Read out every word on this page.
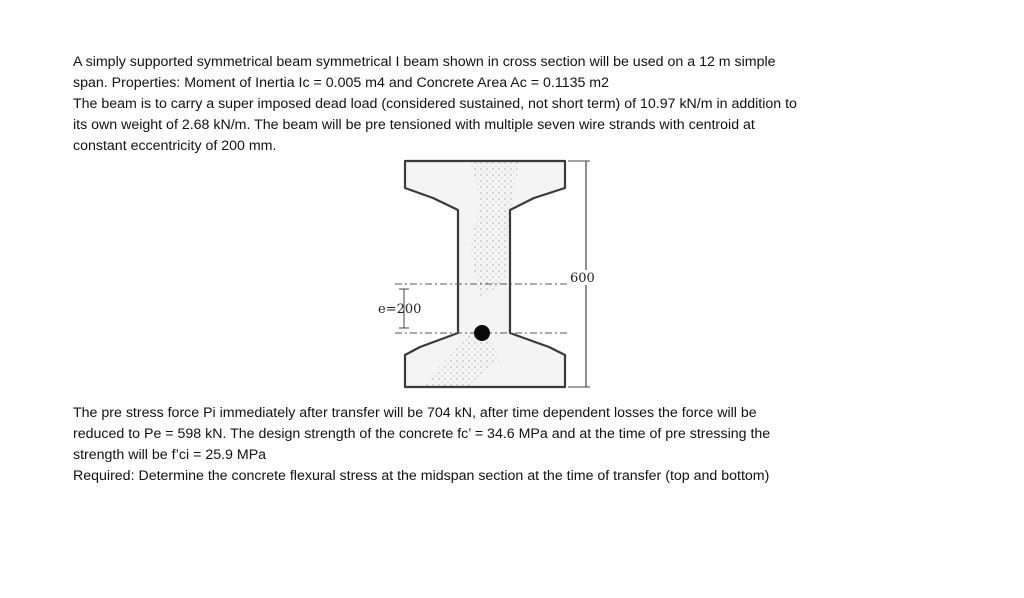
A simply supported symmetrical beam symmetrical I beam shown in cross section will be used on a 12 m simple
span. Properties: Moment of Inertia Ic = 0.005 m4 and Concrete Area Ac = 0.1135 m2
The beam is to carry a super imposed dead load (considered sustained, not short term) of 10.97 kN/m in addition to
its own weight of 2.68 kN/m. The beam will be pre tensioned with multiple seven wire strands with centroid at
constant eccentricity of 200 mm.

e=200
600

The pre stress force Pi immediately after transfer will be 704 kN, after time dependent losses the force will be
reduced to Pe = 598 kN. The design strength of the concrete fc’ = 34.6 MPa and at the time of pre stressing the
strength will be f’ci = 25.9 MPa
Required: Determine the concrete flexural stress at the midspan section at the time of transfer (top and bottom)
